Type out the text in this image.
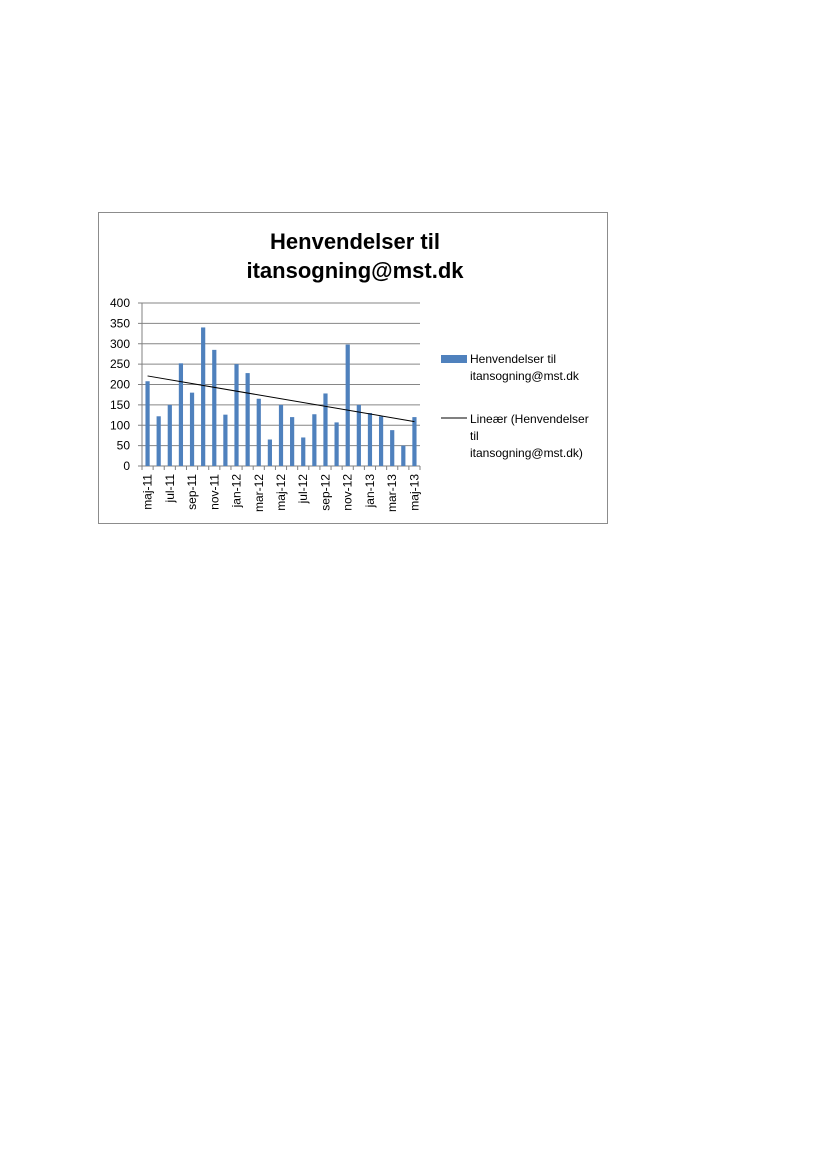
Henvendelser til
itansogning@mst.dk
0
50
100
150
200
250
300
350
400
maj-11 jul-11 sep-11 nov-11 jan-12 mar-12 maj-12 jul-12 sep-12 nov-12 jan-13 mar-13 maj-13
Henvendelser til
itansogning@mst.dk
Lineær (Henvendelser
til
itansogning@mst.dk)
